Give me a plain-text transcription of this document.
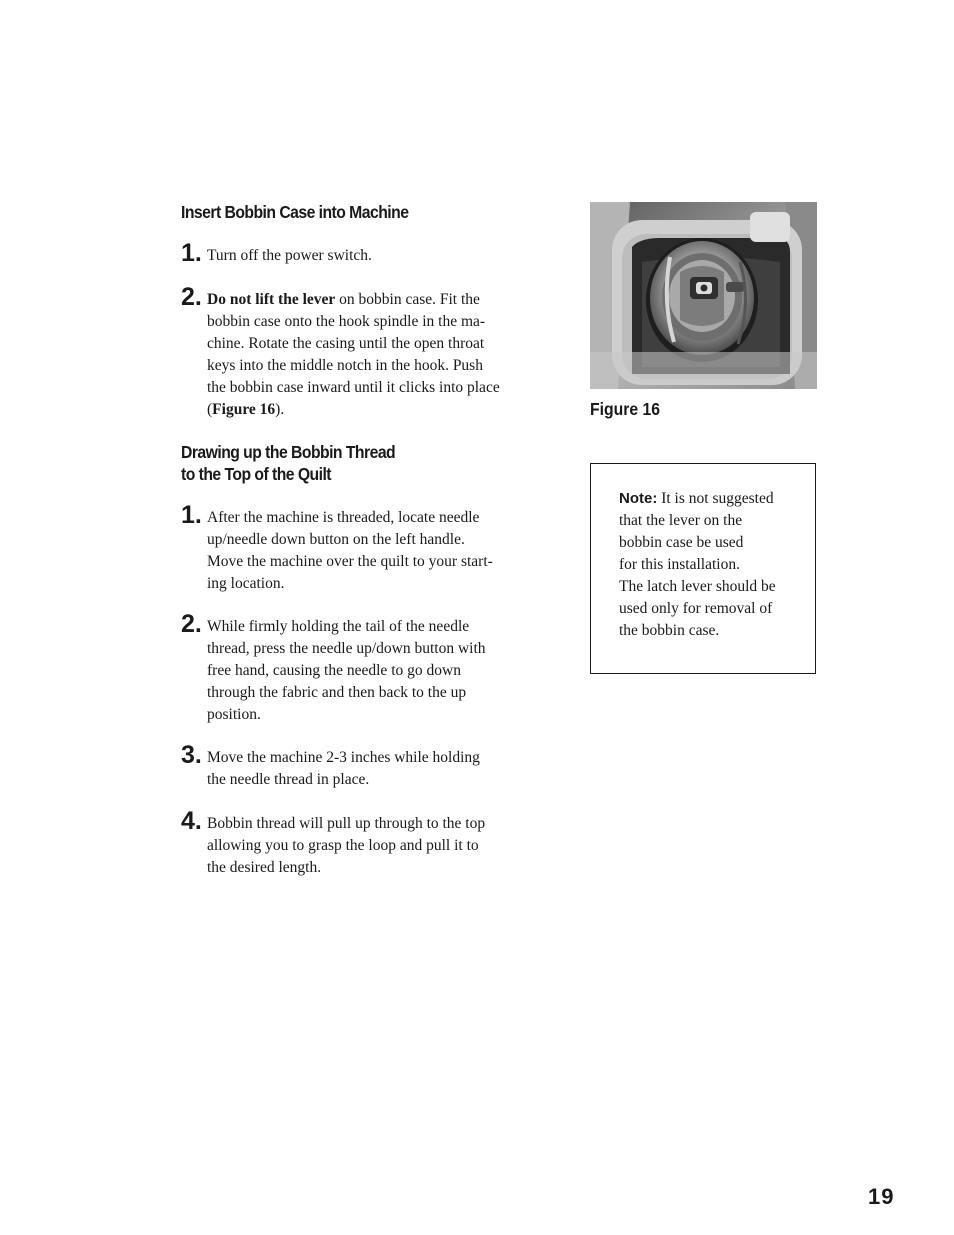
Insert Bobbin Case into Machine
1. Turn off the power switch.
2. Do not lift the lever on bobbin case. Fit the
bobbin case onto the hook spindle in the ma-
chine. Rotate the casing until the open throat
keys into the middle notch in the hook. Push
the bobbin case inward until it clicks into place
(Figure 16).
Drawing up the Bobbin Thread
to the Top of the Quilt
1. After the machine is threaded, locate needle
up/needle down button on the left handle.
Move the machine over the quilt to your start-
ing location.
2. While firmly holding the tail of the needle
thread, press the needle up/down button with
free hand, causing the needle to go down
through the fabric and then back to the up
position.
3. Move the machine 2-3 inches while holding
the needle thread in place.
4. Bobbin thread will pull up through to the top
allowing you to grasp the loop and pull it to
the desired length.
Figure 16
Note: It is not suggested
that the lever on the
bobbin case be used
for this installation.
The latch lever should be
used only for removal of
the bobbin case.
19
